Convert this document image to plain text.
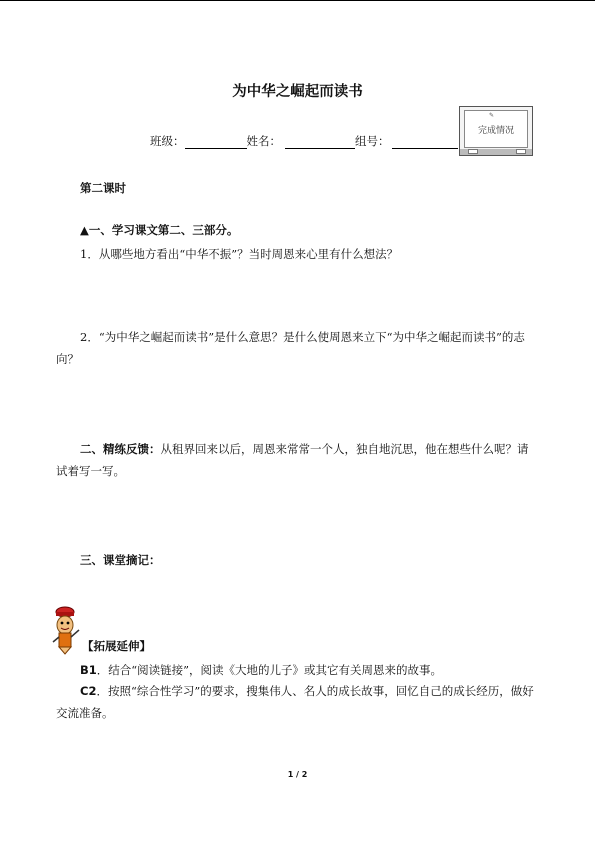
为中华之崛起而读书
班级：	姓名：	组号：
✎
完成情况
第二课时
▲一、学习课文第二、三部分。
1．从哪些地方看出“中华不振”？当时周恩来心里有什么想法？
2．“为中华之崛起而读书”是什么意思？是什么使周恩来立下“为中华之崛起而读书”的志向？
二、精练反馈：从租界回来以后，周恩来常常一个人，独自地沉思，他在想些什么呢？请试着写一写。
三、课堂摘记：
【拓展延伸】
B1．结合“阅读链接”，阅读《大地的儿子》或其它有关周恩来的故事。
C2．按照“综合性学习”的要求，搜集伟人、名人的成长故事，回忆自己的成长经历，做好交流准备。
1 / 2
